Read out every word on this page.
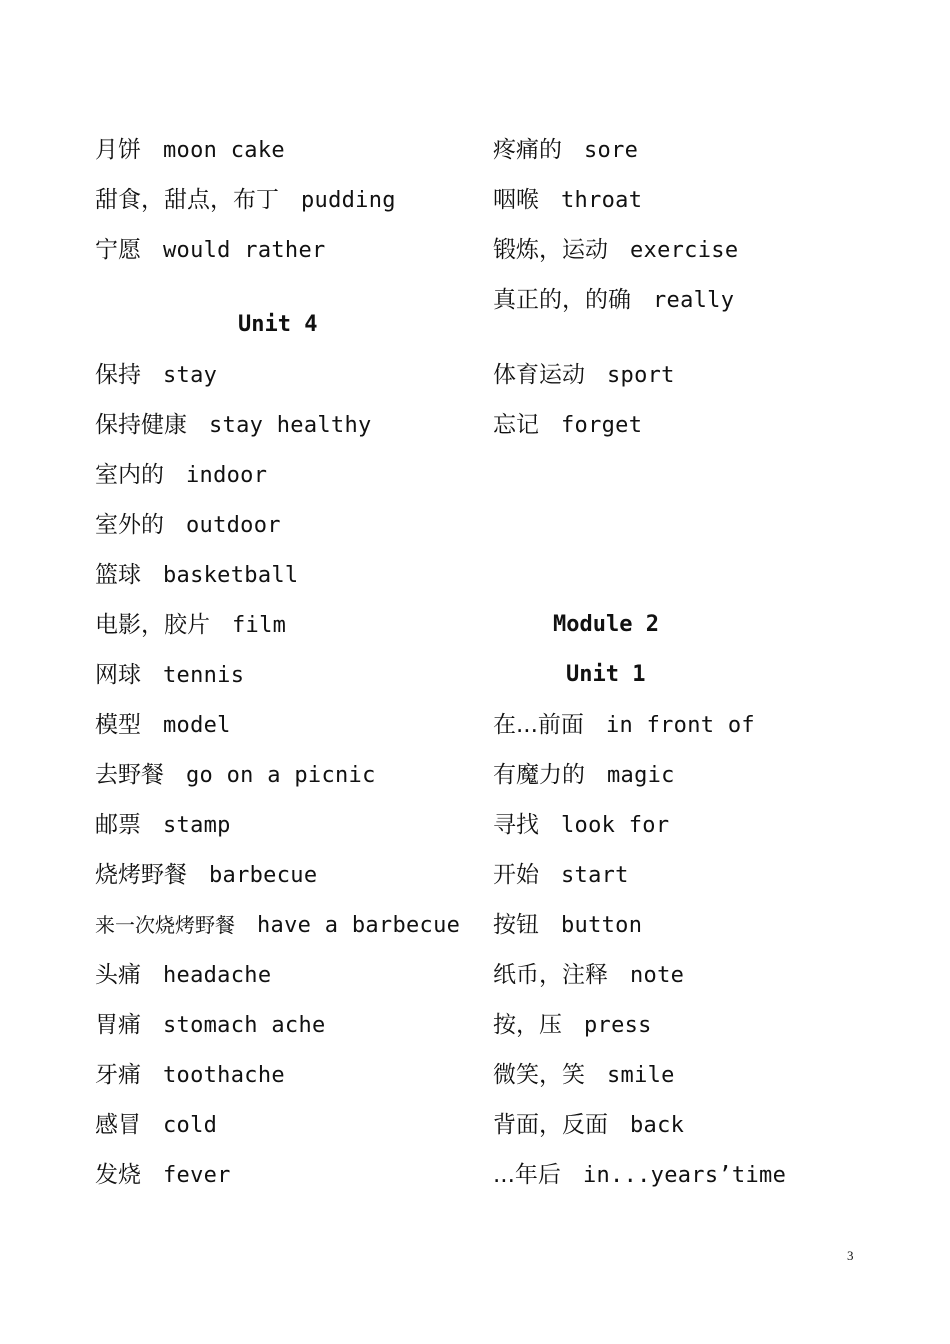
月饼 moon cake
甜食，甜点，布丁 pudding
宁愿 would rather
Unit 4
保持 stay
保持健康 stay healthy
室内的 indoor
室外的 outdoor
篮球 basketball
电影，胶片 film
网球 tennis
模型 model
去野餐 go on a picnic
邮票 stamp
烧烤野餐 barbecue
来一次烧烤野餐 have a barbecue
头痛 headache
胃痛 stomach ache
牙痛 toothache
感冒 cold
发烧 fever
疼痛的 sore
咽喉 throat
锻炼，运动 exercise
真正的，的确 really
体育运动 sport
忘记 forget
Module 2
Unit 1
在...前面 in front of
有魔力的 magic
寻找 look for
开始 start
按钮 button
纸币，注释 note
按，压 press
微笑，笑 smile
背面，反面 back
...年后 in...years’time
3
